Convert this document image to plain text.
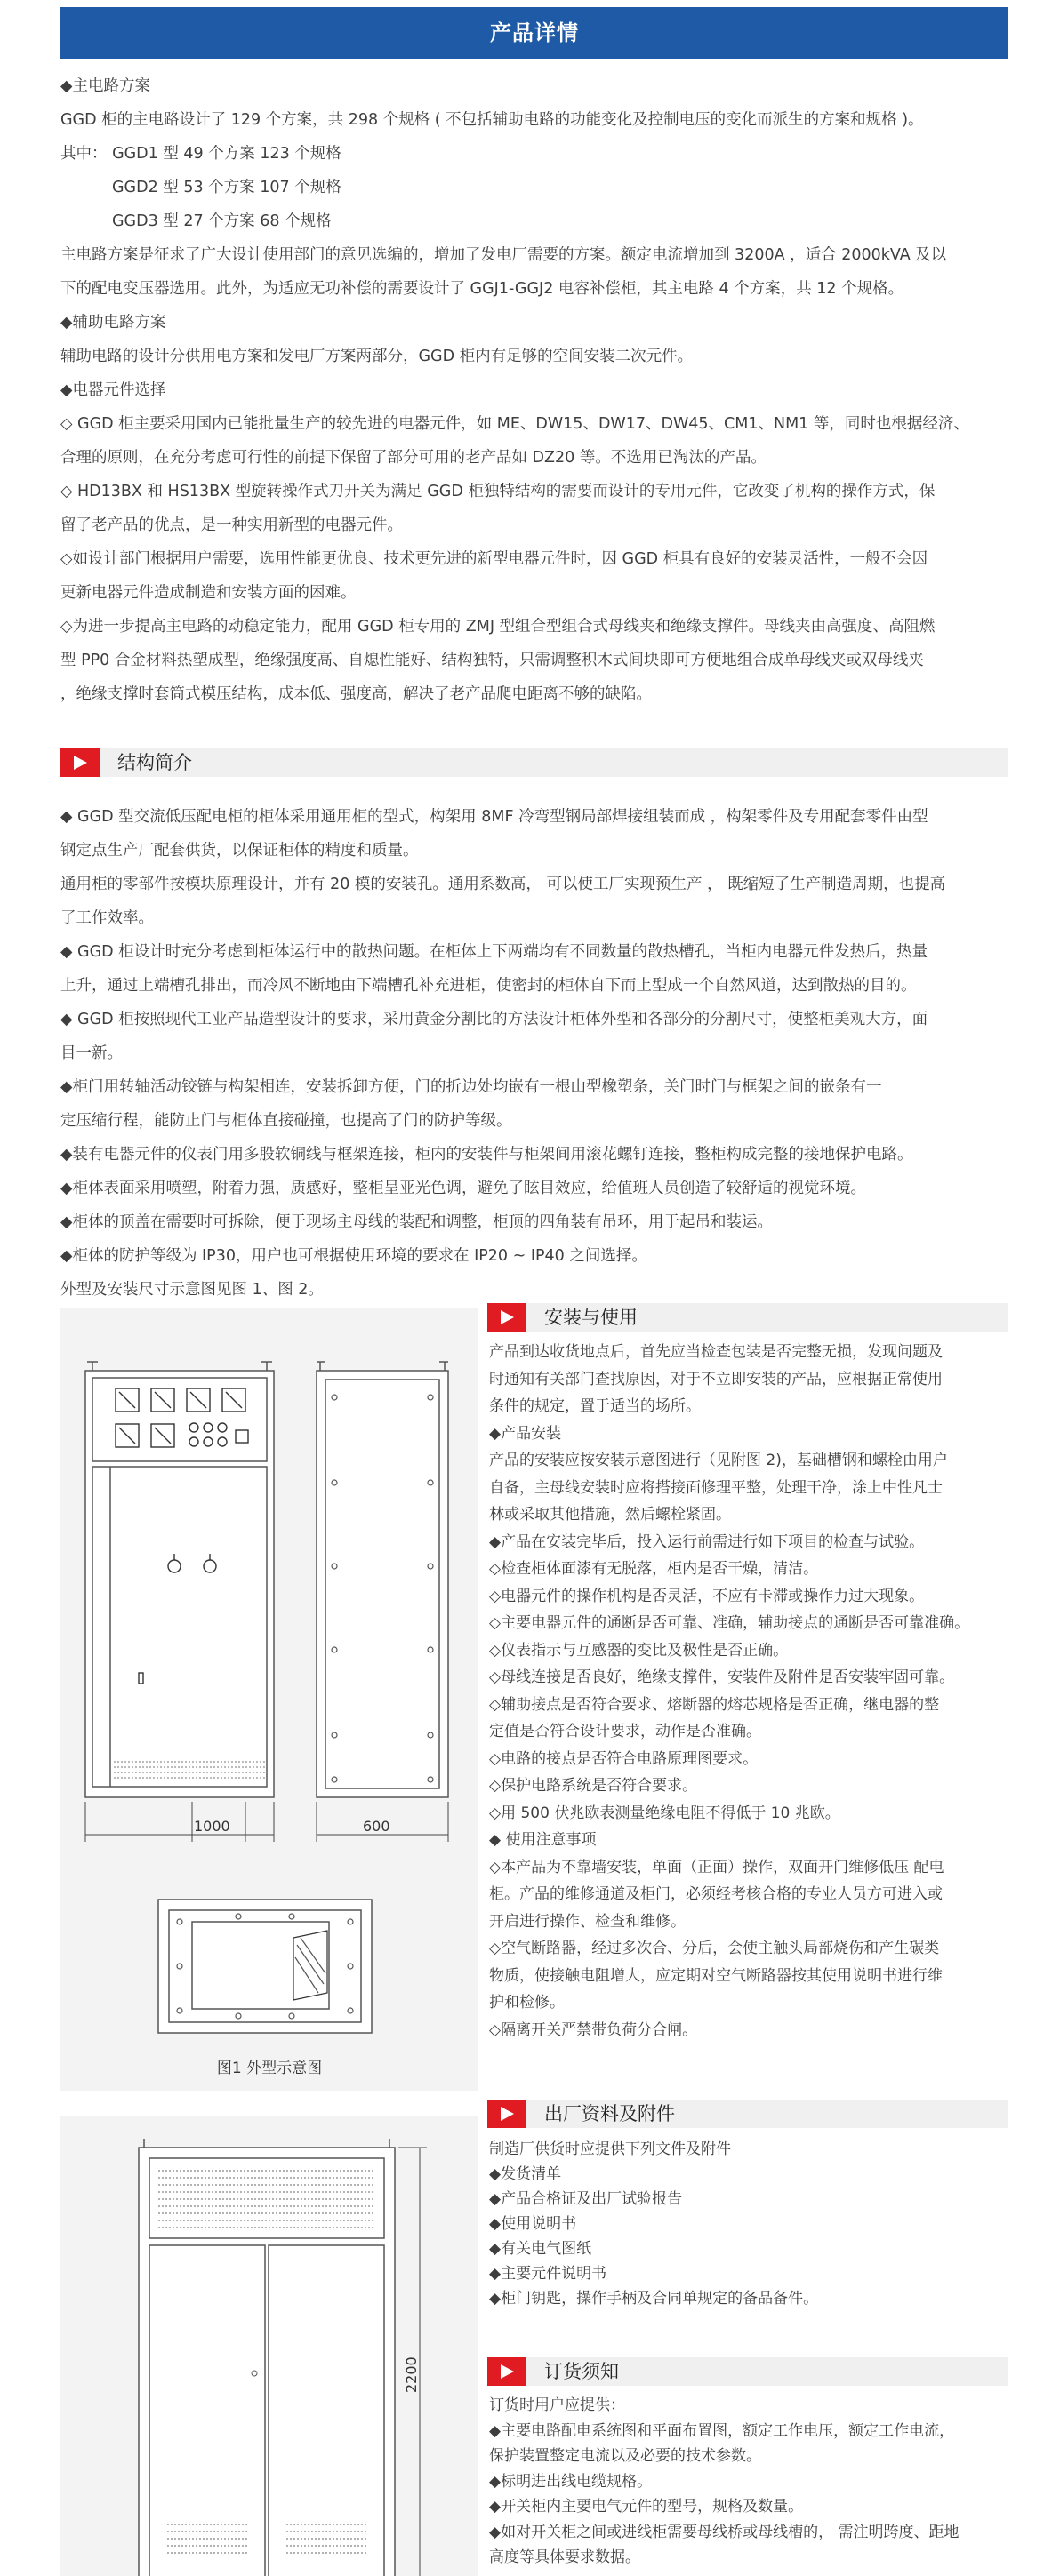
产品详情

◆主电路方案

GGD 柜的主电路设计了 129 个方案，共 298 个规格 ( 不包括辅助电路的功能变化及控制电压的变化而派生的方案和规格 )。

其中： GGD1 型 49 个方案 123 个规格

GGD2 型 53 个方案 107 个规格

GGD3 型 27 个方案 68 个规格

主电路方案是征求了广大设计使用部门的意见选编的，增加了发电厂需要的方案。额定电流增加到 3200A ，适合 2000kVA 及以

下的配电变压器选用。此外，为适应无功补偿的需要设计了 GGJ1-GGJ2 电容补偿柜，其主电路 4 个方案，共 12 个规格。

◆辅助电路方案

辅助电路的设计分供用电方案和发电厂方案两部分，GGD 柜内有足够的空间安装二次元件。

◆电器元件选择

◇ GGD 柜主要采用国内已能批量生产的较先进的电器元件，如 ME、DW15、DW17、DW45、CM1、NM1 等，同时也根据经济、

合理的原则，在充分考虑可行性的前提下保留了部分可用的老产品如 DZ20 等。不选用已淘汰的产品。

◇ HD13BX 和 HS13BX 型旋转操作式刀开关为满足 GGD 柜独特结构的需要而设计的专用元件，它改变了机构的操作方式，保

留了老产品的优点，是一种实用新型的电器元件。

◇如设计部门根据用户需要，选用性能更优良、技术更先进的新型电器元件时，因 GGD 柜具有良好的安装灵活性，一般不会因

更新电器元件造成制造和安装方面的困难。

◇为进一步提高主电路的动稳定能力，配用 GGD 柜专用的 ZMJ 型组合型组合式母线夹和绝缘支撑件。母线夹由高强度、高阻燃

型 PP0 合金材料热塑成型，绝缘强度高、自熄性能好、结构独特，只需调整积木式间块即可方便地组合成单母线夹或双母线夹

，绝缘支撑时套筒式模压结构，成本低、强度高，解决了老产品爬电距离不够的缺陷。

结构简介

◆ GGD 型交流低压配电柜的柜体采用通用柜的型式，构架用 8MF 冷弯型钢局部焊接组装而成 ，构架零件及专用配套零件由型

钢定点生产厂配套供货，以保证柜体的精度和质量。

通用柜的零部件按模块原理设计，并有 20 模的安装孔。通用系数高， 可以使工厂实现预生产 ， 既缩短了生产制造周期，也提高

了工作效率。

◆ GGD 柜设计时充分考虑到柜体运行中的散热问题。在柜体上下两端均有不同数量的散热槽孔，当柜内电器元件发热后，热量

上升，通过上端槽孔排出，而冷风不断地由下端槽孔补充进柜，使密封的柜体自下而上型成一个自然风道，达到散热的目的。

◆ GGD 柜按照现代工业产品造型设计的要求，采用黄金分割比的方法设计柜体外型和各部分的分割尺寸，使整柜美观大方，面

目一新。

◆柜门用转轴活动铰链与构架相连，安装拆卸方便，门的折边处均嵌有一根山型橡塑条，关门时门与框架之间的嵌条有一

定压缩行程，能防止门与柜体直接碰撞，也提高了门的防护等级。

◆装有电器元件的仪表门用多股软铜线与框架连接，柜内的安装件与柜架间用滚花螺钉连接，整柜构成完整的接地保护电路。

◆柜体表面采用喷塑，附着力强，质感好，整柜呈亚光色调，避免了眩目效应，给值班人员创造了较舒适的视觉环境。

◆柜体的顶盖在需要时可拆除，便于现场主母线的装配和调整，柜顶的四角装有吊环，用于起吊和装运。

◆柜体的防护等级为 IP30，用户也可根据使用环境的要求在 IP20 ~ IP40 之间选择。

外型及安装尺寸示意图见图 1、图 2。

安装与使用

产品到达收货地点后，首先应当检查包装是否完整无损，发现问题及

时通知有关部门查找原因，对于不立即安装的产品，应根据正常使用

条件的规定，置于适当的场所。

◆产品安装

产品的安装应按安装示意图进行（见附图 2)，基础槽钢和螺栓由用户

自备，主母线安装时应将搭接面修理平整，处理干净，涂上中性凡士

林或采取其他措施，然后螺栓紧固。

◆产品在安装完毕后，投入运行前需进行如下项目的检查与试验。

◇检查柜体面漆有无脱落，柜内是否干燥，清洁。

◇电器元件的操作机构是否灵活，不应有卡滞或操作力过大现象。

◇主要电器元件的通断是否可靠、准确，辅助接点的通断是否可靠准确。

◇仪表指示与互感器的变比及极性是否正确。

◇母线连接是否良好，绝缘支撑件，安装件及附件是否安装牢固可靠。

◇辅助接点是否符合要求、熔断器的熔芯规格是否正确，继电器的整

定值是否符合设计要求，动作是否准确。

◇电路的接点是否符合电路原理图要求。

◇保护电路系统是否符合要求。

◇用 500 伏兆欧表测量绝缘电阻不得低于 10 兆欧。

◆ 使用注意事项

◇本产品为不靠墙安装，单面（正面）操作，双面开门维修低压 配电

柜。产品的维修通道及柜门，必须经考核合格的专业人员方可进入或

开启进行操作、检查和维修。

◇空气断路器，经过多次合、分后，会使主触头局部烧伤和产生碳类

物质，使接触电阻增大，应定期对空气断路器按其使用说明书进行维

护和检修。

◇隔离开关严禁带负荷分合闸。

出厂资料及附件

制造厂供货时应提供下列文件及附件

◆发货清单

◆产品合格证及出厂试验报告

◆使用说明书

◆有关电气图纸

◆主要元件说明书

◆柜门钥匙，操作手柄及合同单规定的备品备件。

订货须知

订货时用户应提供：

◆主要电路配电系统图和平面布置图，额定工作电压，额定工作电流，

保护装置整定电流以及必要的技术参数。

◆标明进出线电缆规格。

◆开关柜内主要电气元件的型号，规格及数量。

◆如对开关柜之间或进线柜需要母线桥或母线槽的， 需注明跨度、距地

高度等具体要求数据。

1000	600
图1 外型示意图
2200
